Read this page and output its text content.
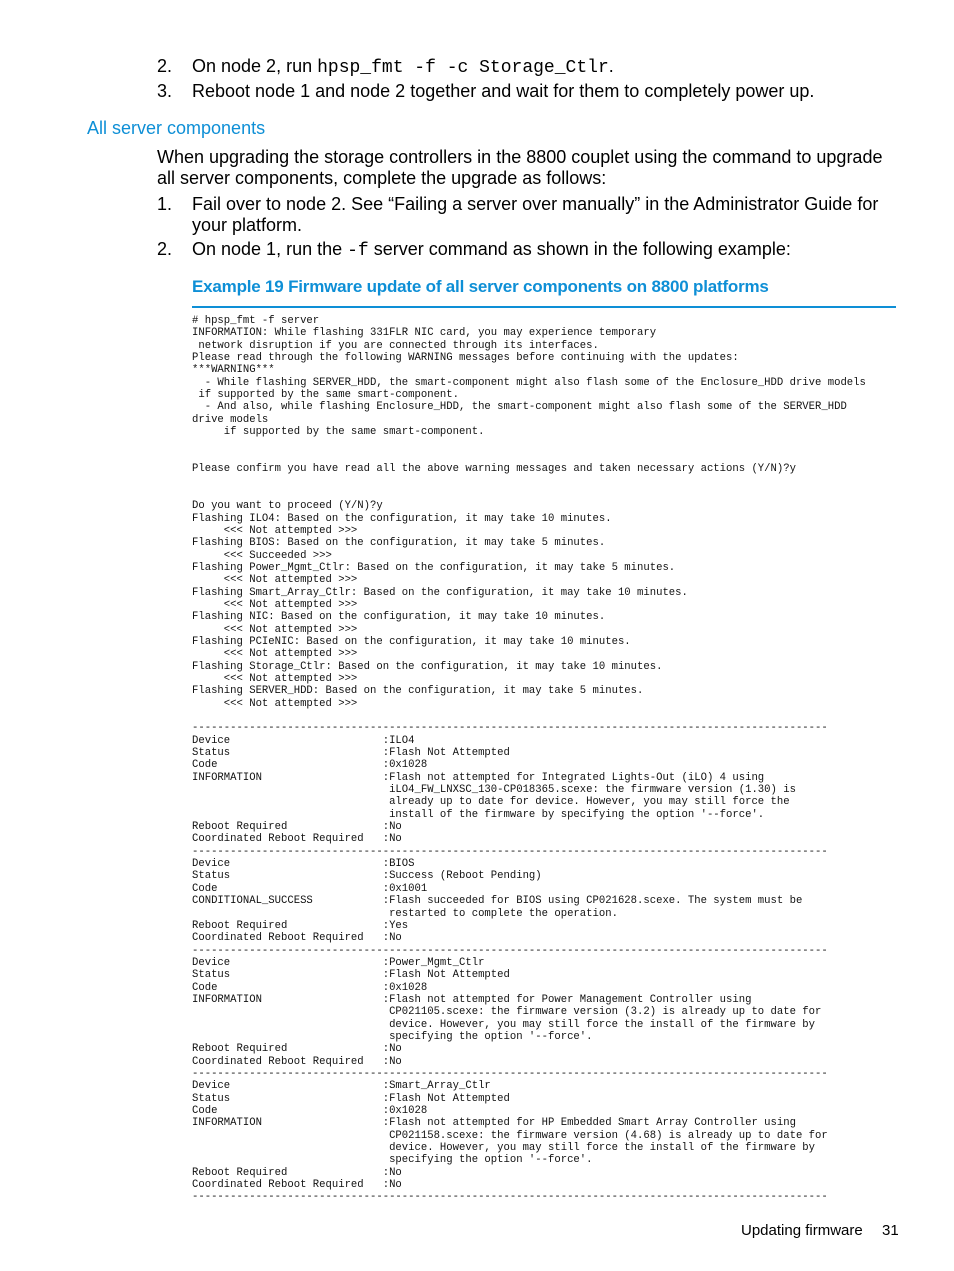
2. On node 2, run hpsp_fmt -f -c Storage_Ctlr.
3. Reboot node 1 and node 2 together and wait for them to completely power up.
All server components
When upgrading the storage controllers in the 8800 couplet using the command to upgrade all server components, complete the upgrade as follows:
1. Fail over to node 2. See “Failing a server over manually” in the Administrator Guide for your platform.
2. On node 1, run the -f server command as shown in the following example:
Example 19 Firmware update of all server components on 8800 platforms
# hpsp_fmt -f server
INFORMATION: While flashing 331FLR NIC card, you may experience temporary
network disruption if you are connected through its interfaces.
Please read through the following WARNING messages before continuing with the updates:
***WARNING***
- While flashing SERVER_HDD, the smart-component might also flash some of the Enclosure_HDD drive models
if supported by the same smart-component.
- And also, while flashing Enclosure_HDD, the smart-component might also flash some of the SERVER_HDD
drive models
if supported by the same smart-component.

Please confirm you have read all the above warning messages and taken necessary actions (Y/N)?y

Do you want to proceed (Y/N)?y
Flashing ILO4: Based on the configuration, it may take 10 minutes.
<<< Not attempted >>>
Flashing BIOS: Based on the configuration, it may take 5 minutes.
<<< Succeeded >>>
Flashing Power_Mgmt_Ctlr: Based on the configuration, it may take 5 minutes.
<<< Not attempted >>>
Flashing Smart_Array_Ctlr: Based on the configuration, it may take 10 minutes.
<<< Not attempted >>>
Flashing NIC: Based on the configuration, it may take 10 minutes.
<<< Not attempted >>>
Flashing PCIeNIC: Based on the configuration, it may take 10 minutes.
<<< Not attempted >>>
Flashing Storage_Ctlr: Based on the configuration, it may take 10 minutes.
<<< Not attempted >>>
Flashing SERVER_HDD: Based on the configuration, it may take 5 minutes.
<<< Not attempted >>>

----------------------------------------------------------------------------------------------------
Device                        :ILO4
Status                        :Flash Not Attempted
Code                          :0x1028
INFORMATION                   :Flash not attempted for Integrated Lights-Out (iLO) 4 using
iLO4_FW_LNXSC_130-CP018365.scexe: the firmware version (1.30) is
already up to date for device. However, you may still force the
install of the firmware by specifying the option '--force'.
Reboot Required               :No
Coordinated Reboot Required   :No
----------------------------------------------------------------------------------------------------
Device                        :BIOS
Status                        :Success (Reboot Pending)
Code                          :0x1001
CONDITIONAL_SUCCESS           :Flash succeeded for BIOS using CP021628.scexe. The system must be
restarted to complete the operation.
Reboot Required               :Yes
Coordinated Reboot Required   :No
----------------------------------------------------------------------------------------------------
Device                        :Power_Mgmt_Ctlr
Status                        :Flash Not Attempted
Code                          :0x1028
INFORMATION                   :Flash not attempted for Power Management Controller using
CP021105.scexe: the firmware version (3.2) is already up to date for
device. However, you may still force the install of the firmware by
specifying the option '--force'.
Reboot Required               :No
Coordinated Reboot Required   :No
----------------------------------------------------------------------------------------------------
Device                        :Smart_Array_Ctlr
Status                        :Flash Not Attempted
Code                          :0x1028
INFORMATION                   :Flash not attempted for HP Embedded Smart Array Controller using
CP021158.scexe: the firmware version (4.68) is already up to date for
device. However, you may still force the install of the firmware by
specifying the option '--force'.
Reboot Required               :No
Coordinated Reboot Required   :No
----------------------------------------------------------------------------------------------------
Updating firmware 31
